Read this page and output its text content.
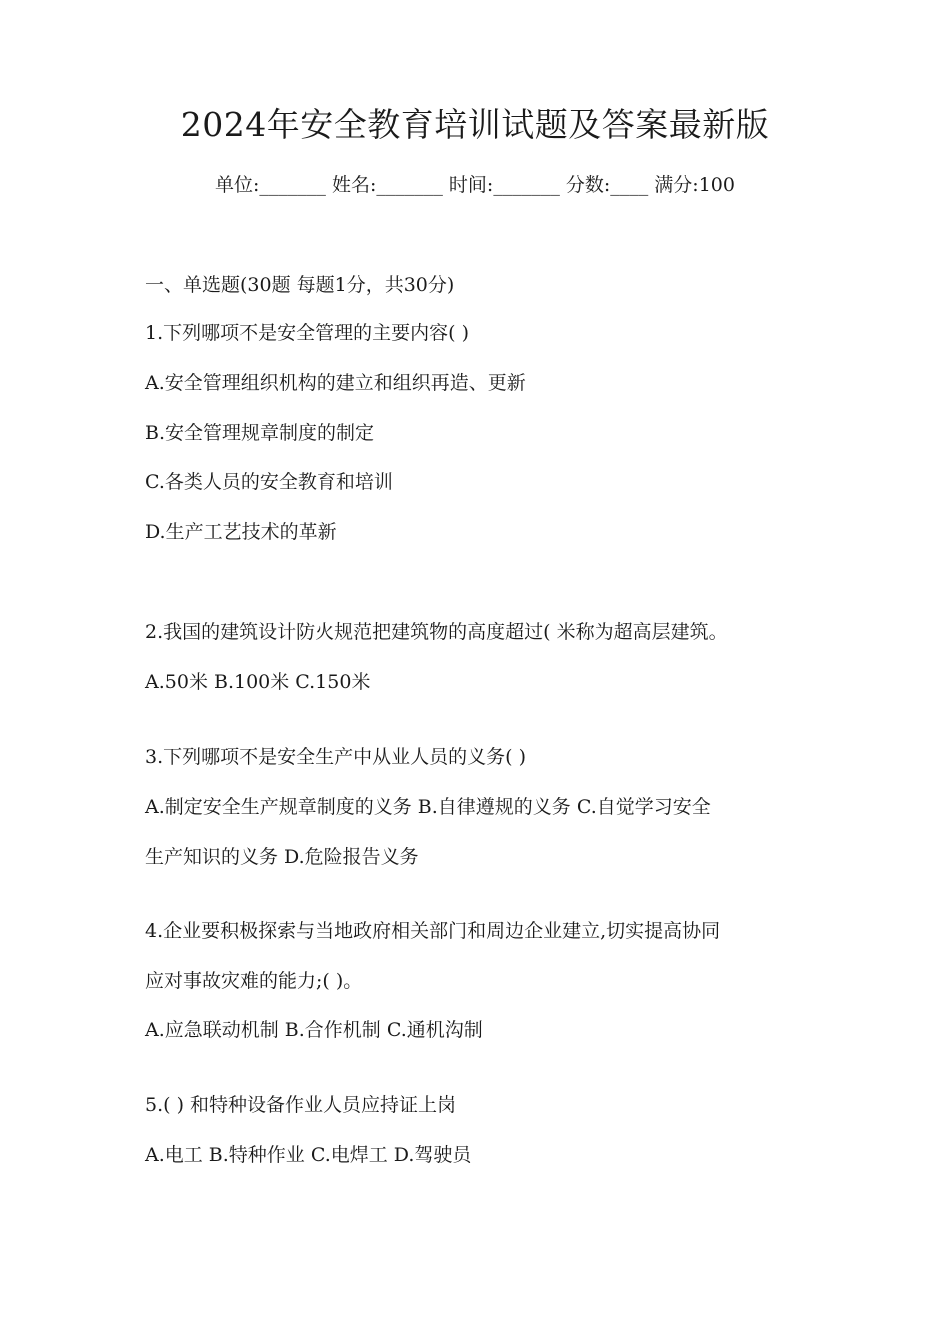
2024年安全教育培训试题及答案最新版

单位:_______ 姓名:_______ 时间:_______ 分数:____ 满分:100

一、单选题(30题 每题1分，共30分)

1.下列哪项不是安全管理的主要内容( )

A.安全管理组织机构的建立和组织再造、更新

B.安全管理规章制度的制定

C.各类人员的安全教育和培训

D.生产工艺技术的革新

2.我国的建筑设计防火规范把建筑物的高度超过( 米称为超高层建筑。

A.50米 B.100米 C.150米

3.下列哪项不是安全生产中从业人员的义务( )

A.制定安全生产规章制度的义务 B.自律遵规的义务 C.自觉学习安全

生产知识的义务 D.危险报告义务

4.企业要积极探索与当地政府相关部门和周边企业建立,切实提高协同

应对事故灾难的能力;( )。

A.应急联动机制 B.合作机制 C.通机沟制

5.( ) 和特种设备作业人员应持证上岗

A.电工 B.特种作业 C.电焊工 D.驾驶员
